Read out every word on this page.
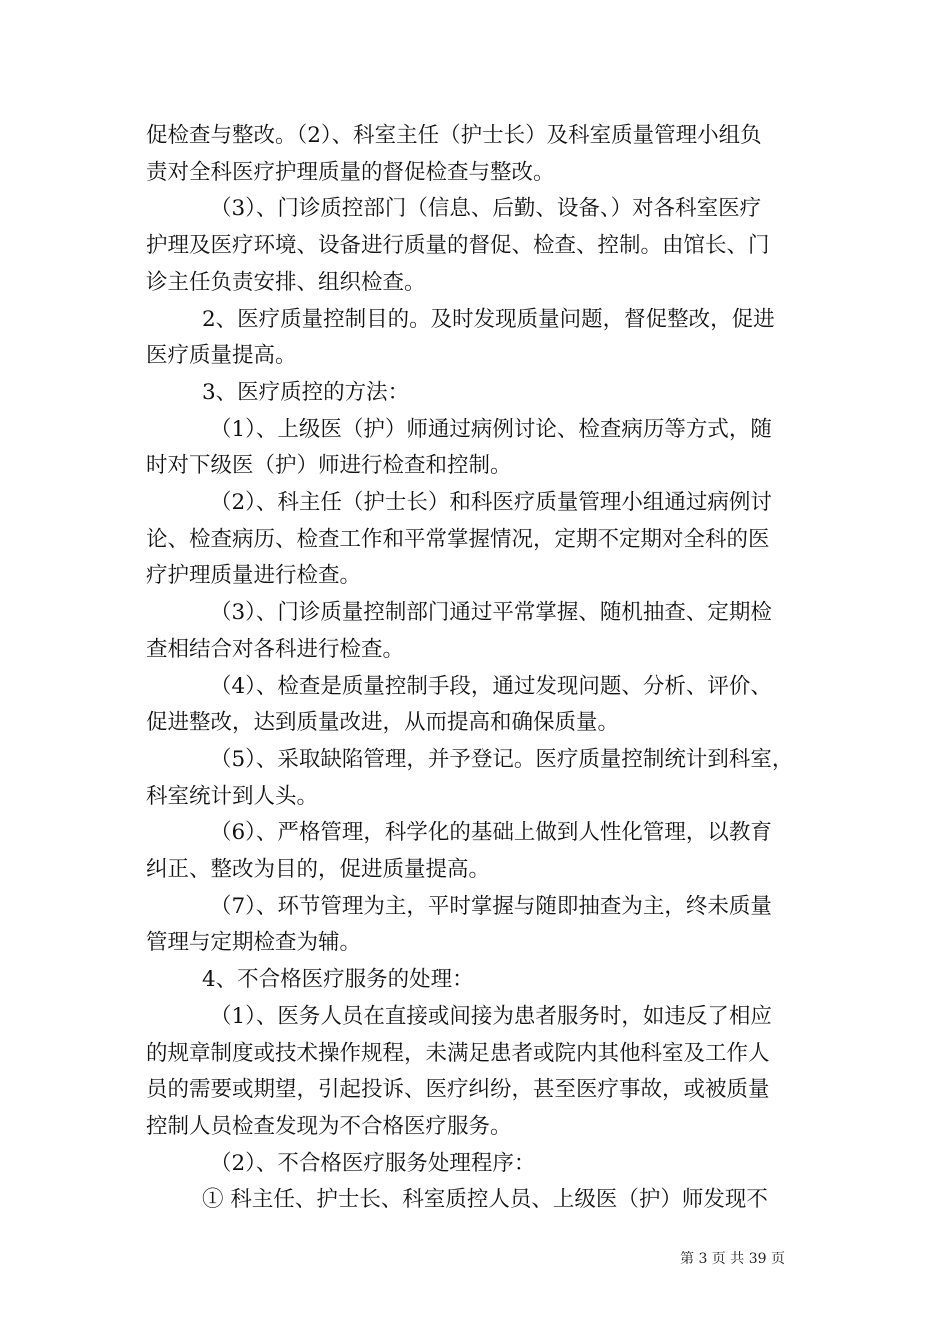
促检查与整改。（2）、科室主任（护士长）及科室质量管理小组负

责对全科医疗护理质量的督促检查与整改。

（3）、门诊质控部门（信息、后勤、设备、）对各科室医疗

护理及医疗环境、设备进行质量的督促、检查、控制。由馆长、门

诊主任负责安排、组织检查。

2、医疗质量控制目的。及时发现质量问题，督促整改，促进

医疗质量提高。

3、医疗质控的方法：

（1）、上级医（护）师通过病例讨论、检查病历等方式，随

时对下级医（护）师进行检查和控制。

（2）、科主任（护士长）和科医疗质量管理小组通过病例讨

论、检查病历、检查工作和平常掌握情况，定期不定期对全科的医

疗护理质量进行检查。

（3）、门诊质量控制部门通过平常掌握、随机抽查、定期检

查相结合对各科进行检查。

（4）、检查是质量控制手段，通过发现问题、分析、评价、

促进整改，达到质量改进，从而提高和确保质量。

（5）、采取缺陷管理，并予登记。医疗质量控制统计到科室，

科室统计到人头。

（6）、严格管理，科学化的基础上做到人性化管理，以教育

纠正、整改为目的，促进质量提高。

（7）、环节管理为主，平时掌握与随即抽查为主，终未质量

管理与定期检查为辅。

4、不合格医疗服务的处理：

（1）、医务人员在直接或间接为患者服务时，如违反了相应

的规章制度或技术操作规程，未满足患者或院内其他科室及工作人

员的需要或期望，引起投诉、医疗纠纷，甚至医疗事故，或被质量

控制人员检查发现为不合格医疗服务。

（2）、不合格医疗服务处理程序：

① 科主任、护士长、科室质控人员、上级医（护）师发现不

第 3 页 共 39 页
